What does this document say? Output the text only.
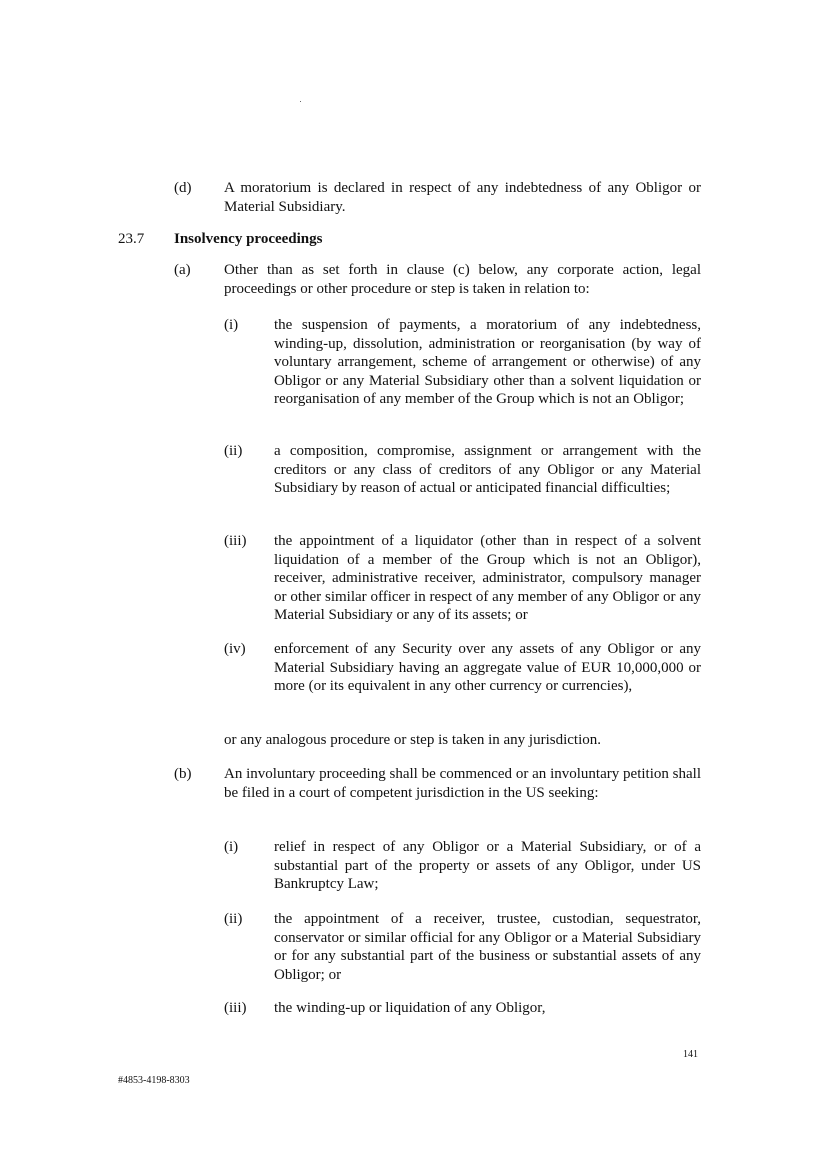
(d) A moratorium is declared in respect of any indebtedness of any Obligor or Material Subsidiary.
23.7 Insolvency proceedings
(a) Other than as set forth in clause (c) below, any corporate action, legal proceedings or other procedure or step is taken in relation to:
(i) the suspension of payments, a moratorium of any indebtedness, winding-up, dissolution, administration or reorganisation (by way of voluntary arrangement, scheme of arrangement or otherwise) of any Obligor or any Material Subsidiary other than a solvent liquidation or reorganisation of any member of the Group which is not an Obligor;
(ii) a composition, compromise, assignment or arrangement with the creditors or any class of creditors of any Obligor or any Material Subsidiary by reason of actual or anticipated financial difficulties;
(iii) the appointment of a liquidator (other than in respect of a solvent liquidation of a member of the Group which is not an Obligor), receiver, administrative receiver, administrator, compulsory manager or other similar officer in respect of any member of any Obligor or any Material Subsidiary or any of its assets; or
(iv) enforcement of any Security over any assets of any Obligor or any Material Subsidiary having an aggregate value of EUR 10,000,000 or more (or its equivalent in any other currency or currencies),
or any analogous procedure or step is taken in any jurisdiction.
(b) An involuntary proceeding shall be commenced or an involuntary petition shall be filed in a court of competent jurisdiction in the US seeking:
(i) relief in respect of any Obligor or a Material Subsidiary, or of a substantial part of the property or assets of any Obligor, under US Bankruptcy Law;
(ii) the appointment of a receiver, trustee, custodian, sequestrator, conservator or similar official for any Obligor or a Material Subsidiary or for any substantial part of the business or substantial assets of any Obligor; or
(iii) the winding-up or liquidation of any Obligor,
141
#4853-4198-8303
